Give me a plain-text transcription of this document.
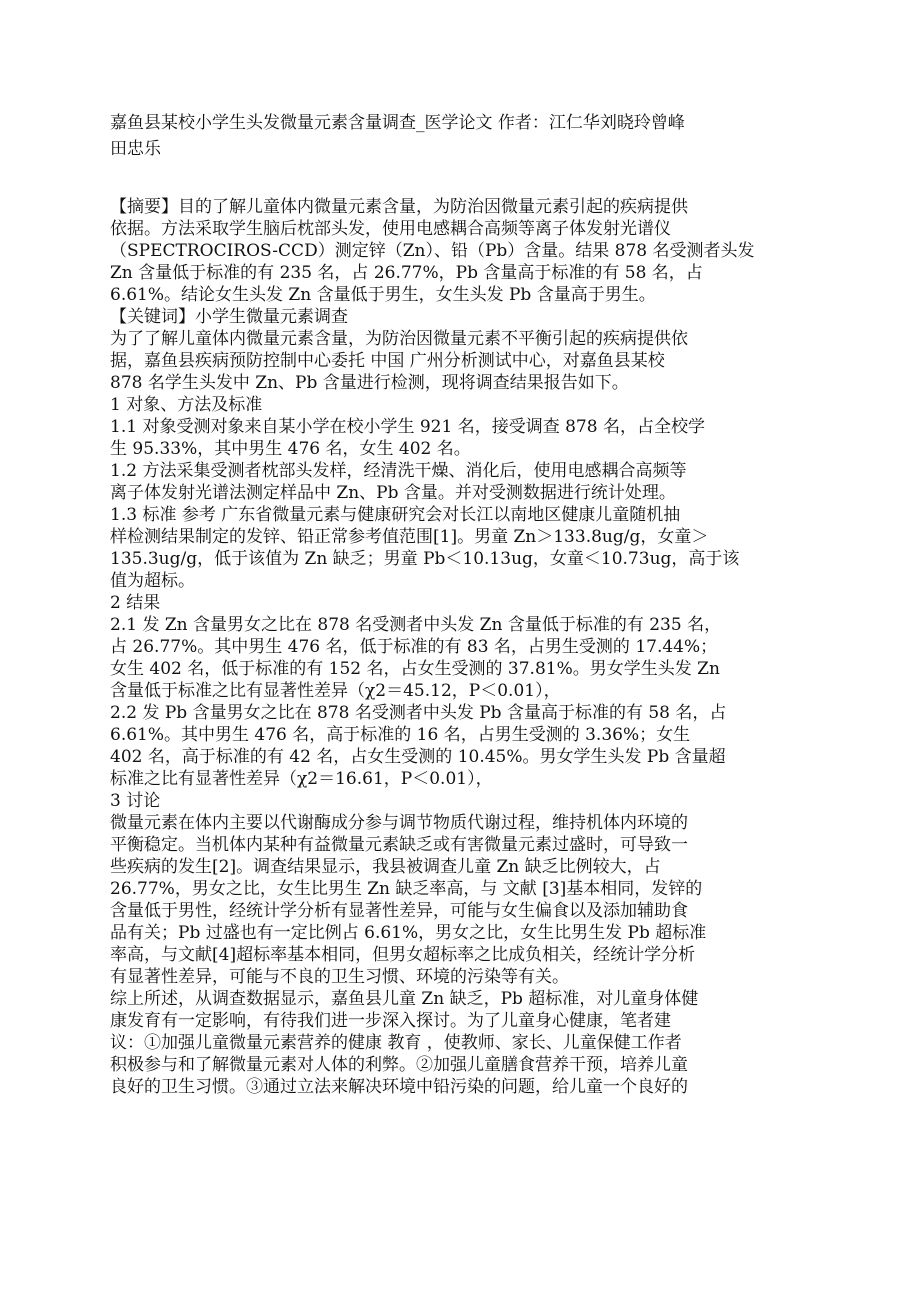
嘉鱼县某校小学生头发微量元素含量调查_医学论文 作者：江仁华刘晓玲曾峰
田忠乐
【摘要】目的了解儿童体内微量元素含量，为防治因微量元素引起的疾病提供
依据。方法采取学生脑后枕部头发，使用电感耦合高频等离子体发射光谱仪
（SPECTROCIROS-CCD）测定锌（Zn）、铅（Pb）含量。结果 878 名受测者头发
Zn 含量低于标准的有 235 名，占 26.77%，Pb 含量高于标准的有 58 名，占
6.61%。结论女生头发 Zn 含量低于男生，女生头发 Pb 含量高于男生。
【关键词】小学生微量元素调查
为了了解儿童体内微量元素含量，为防治因微量元素不平衡引起的疾病提供依
据，嘉鱼县疾病预防控制中心委托 中国 广州分析测试中心，对嘉鱼县某校
878 名学生头发中 Zn、Pb 含量进行检测，现将调查结果报告如下。
1 对象、方法及标准
1.1 对象受测对象来自某小学在校小学生 921 名，接受调查 878 名，占全校学
生 95.33%，其中男生 476 名，女生 402 名。
1.2 方法采集受测者枕部头发样，经清洗干燥、消化后，使用电感耦合高频等
离子体发射光谱法测定样品中 Zn、Pb 含量。并对受测数据进行统计处理。
1.3 标准 参考 广东省微量元素与健康研究会对长江以南地区健康儿童随机抽
样检测结果制定的发锌、铅正常参考值范围[1]。男童 Zn＞133.8ug/g，女童＞
135.3ug/g，低于该值为 Zn 缺乏；男童 Pb＜10.13ug，女童＜10.73ug，高于该
值为超标。
2 结果
2.1 发 Zn 含量男女之比在 878 名受测者中头发 Zn 含量低于标准的有 235 名，
占 26.77%。其中男生 476 名，低于标准的有 83 名，占男生受测的 17.44%；
女生 402 名，低于标准的有 152 名，占女生受测的 37.81%。男女学生头发 Zn
含量低于标准之比有显著性差异（χ2＝45.12，P＜0.01），
2.2 发 Pb 含量男女之比在 878 名受测者中头发 Pb 含量高于标准的有 58 名，占
6.61%。其中男生 476 名，高于标准的 16 名，占男生受测的 3.36%；女生
402 名，高于标准的有 42 名，占女生受测的 10.45%。男女学生头发 Pb 含量超
标准之比有显著性差异（χ2＝16.61，P＜0.01），
3 讨论
微量元素在体内主要以代谢酶成分参与调节物质代谢过程，维持机体内环境的
平衡稳定。当机体内某种有益微量元素缺乏或有害微量元素过盛时，可导致一
些疾病的发生[2]。调查结果显示，我县被调查儿童 Zn 缺乏比例较大，占
26.77%，男女之比，女生比男生 Zn 缺乏率高，与 文献 [3]基本相同，发锌的
含量低于男性，经统计学分析有显著性差异，可能与女生偏食以及添加辅助食
品有关；Pb 过盛也有一定比例占 6.61%，男女之比，女生比男生发 Pb 超标准
率高，与文献[4]超标率基本相同，但男女超标率之比成负相关，经统计学分析
有显著性差异，可能与不良的卫生习惯、环境的污染等有关。
综上所述，从调查数据显示，嘉鱼县儿童 Zn 缺乏，Pb 超标准，对儿童身体健
康发育有一定影响，有待我们进一步深入探讨。为了儿童身心健康，笔者建
议：①加强儿童微量元素营养的健康 教育 ，使教师、家长、儿童保健工作者
积极参与和了解微量元素对人体的利弊。②加强儿童膳食营养干预，培养儿童
良好的卫生习惯。③通过立法来解决环境中铅污染的问题，给儿童一个良好的
